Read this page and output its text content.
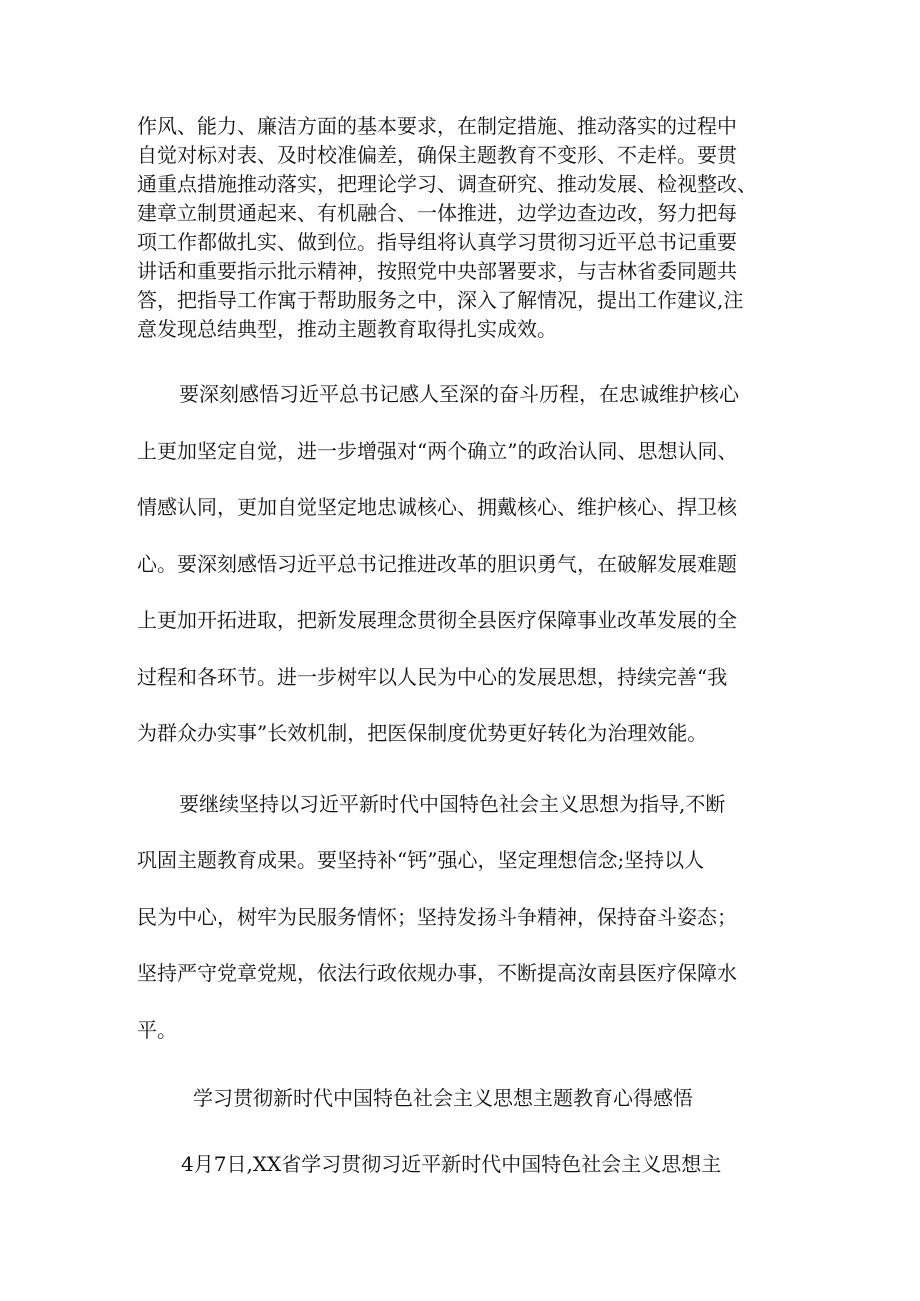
作风、能力、廉洁方面的基本要求，在制定措施、推动落实的过程中
自觉对标对表、及时校准偏差，确保主题教育不变形、不走样。要贯
通重点措施推动落实，把理论学习、调查研究、推动发展、检视整改、
建章立制贯通起来、有机融合、一体推进，边学边查边改，努力把每
项工作都做扎实、做到位。指导组将认真学习贯彻习近平总书记重要
讲话和重要指示批示精神，按照党中央部署要求，与吉林省委同题共
答，把指导工作寓于帮助服务之中，深入了解情况，提出工作建议,注
意发现总结典型，推动主题教育取得扎实成效。
要深刻感悟习近平总书记感人至深的奋斗历程，在忠诚维护核心
上更加坚定自觉，进一步增强对“两个确立”的政治认同、思想认同、
情感认同，更加自觉坚定地忠诚核心、拥戴核心、维护核心、捍卫核
心。要深刻感悟习近平总书记推进改革的胆识勇气，在破解发展难题
上更加开拓进取，把新发展理念贯彻全县医疗保障事业改革发展的全
过程和各环节。进一步树牢以人民为中心的发展思想，持续完善“我
为群众办实事”长效机制，把医保制度优势更好转化为治理效能。
要继续坚持以习近平新时代中国特色社会主义思想为指导,不断
巩固主题教育成果。要坚持补“钙”强心，坚定理想信念;坚持以人
民为中心，树牢为民服务情怀；坚持发扬斗争精神，保持奋斗姿态；
坚持严守党章党规，依法行政依规办事，不断提高汝南县医疗保障水
平。
学习贯彻新时代中国特色社会主义思想主题教育心得感悟
4月7日,XX省学习贯彻习近平新时代中国特色社会主义思想主
